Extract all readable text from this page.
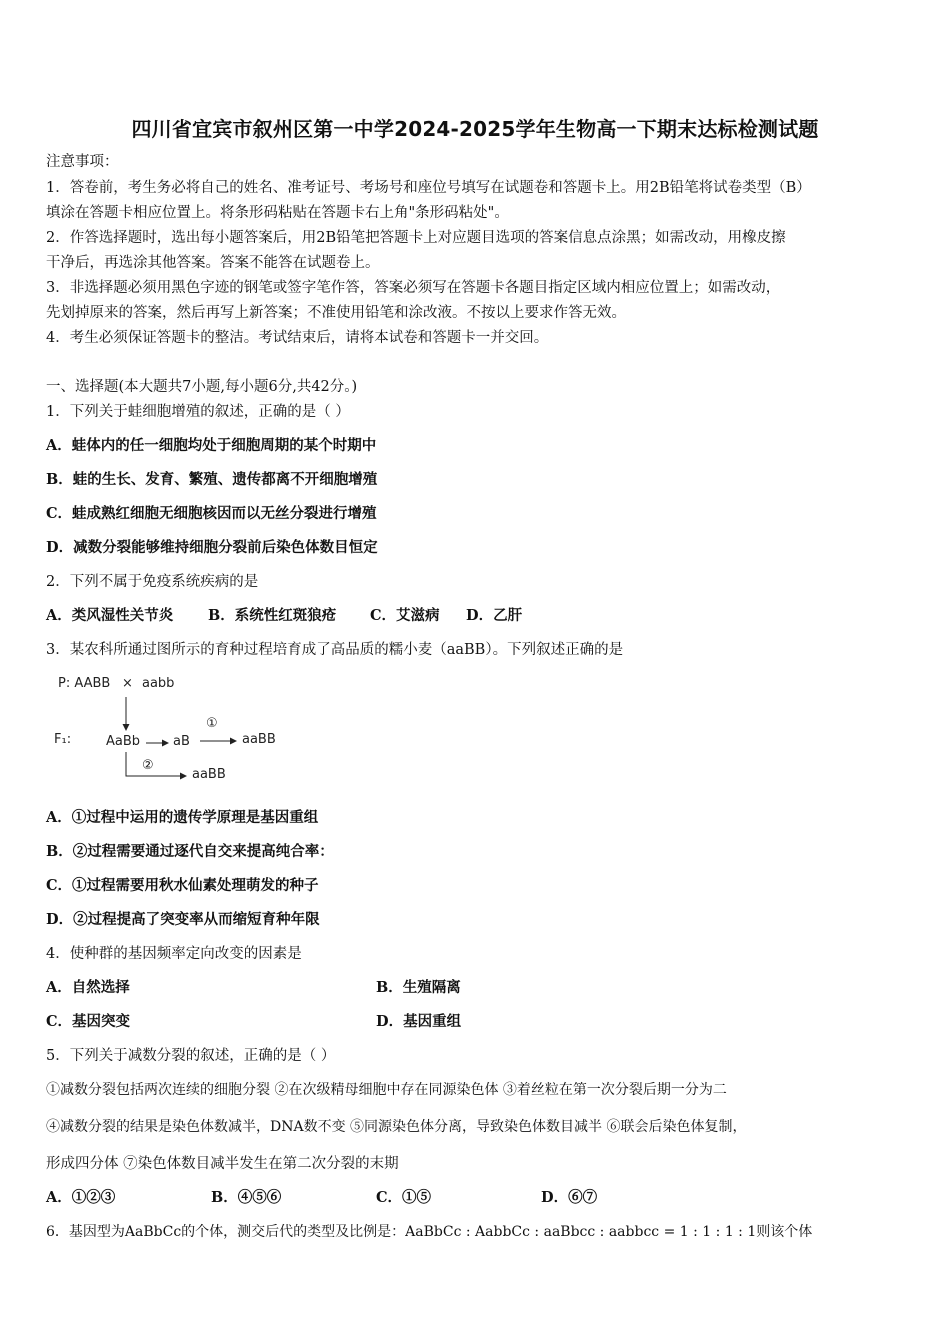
四川省宜宾市叙州区第一中学2024-2025学年生物高一下期末达标检测试题
注意事项：
1．答卷前，考生务必将自己的姓名、准考证号、考场号和座位号填写在试题卷和答题卡上。用2B铅笔将试卷类型（B）
填涂在答题卡相应位置上。将条形码粘贴在答题卡右上角"条形码粘处"。
2．作答选择题时，选出每小题答案后，用2B铅笔把答题卡上对应题目选项的答案信息点涂黑；如需改动，用橡皮擦
干净后，再选涂其他答案。答案不能答在试题卷上。
3．非选择题必须用黑色字迹的钢笔或签字笔作答，答案必须写在答题卡各题目指定区域内相应位置上；如需改动，
先划掉原来的答案，然后再写上新答案；不准使用铅笔和涂改液。不按以上要求作答无效。
4．考生必须保证答题卡的整洁。考试结束后，请将本试卷和答题卡一并交回。
一、选择题(本大题共7小题,每小题6分,共42分。)
1．下列关于蛙细胞增殖的叙述，正确的是（ ）
A．蛙体内的任一细胞均处于细胞周期的某个时期中
B．蛙的生长、发育、繁殖、遗传都离不开细胞增殖
C．蛙成熟红细胞无细胞核因而以无丝分裂进行增殖
D．减数分裂能够维持细胞分裂前后染色体数目恒定
2．下列不属于免疫系统疾病的是
A．类风湿性关节炎 B．系统性红斑狼疮 C．艾滋病 D．乙肝
3．某农科所通过图所示的育种过程培育成了高品质的糯小麦（aaBB）。下列叙述正确的是
P: AABB × aabb
F₁:	AaBb	aB
①
aaBB
②
aaBB
A．①过程中运用的遗传学原理是基因重组
B．②过程需要通过逐代自交来提高纯合率：
C．①过程需要用秋水仙素处理萌发的种子
D．②过程提高了突变率从而缩短育种年限
4．使种群的基因频率定向改变的因素是
A．自然选择	B．生殖隔离
C．基因突变	D．基因重组
5．下列关于减数分裂的叙述，正确的是（ ）
①减数分裂包括两次连续的细胞分裂 ②在次级精母细胞中存在同源染色体 ③着丝粒在第一次分裂后期一分为二
④减数分裂的结果是染色体数减半，DNA数不变 ⑤同源染色体分离，导致染色体数目减半 ⑥联会后染色体复制，
形成四分体 ⑦染色体数目减半发生在第二次分裂的末期
A．①②③	B．④⑤⑥	C．①⑤	D．⑥⑦
6．基因型为AaBbCc的个体，测交后代的类型及比例是：AaBbCc : AabbCc : aaBbcc : aabbcc = 1 : 1 : 1 : 1则该个体
